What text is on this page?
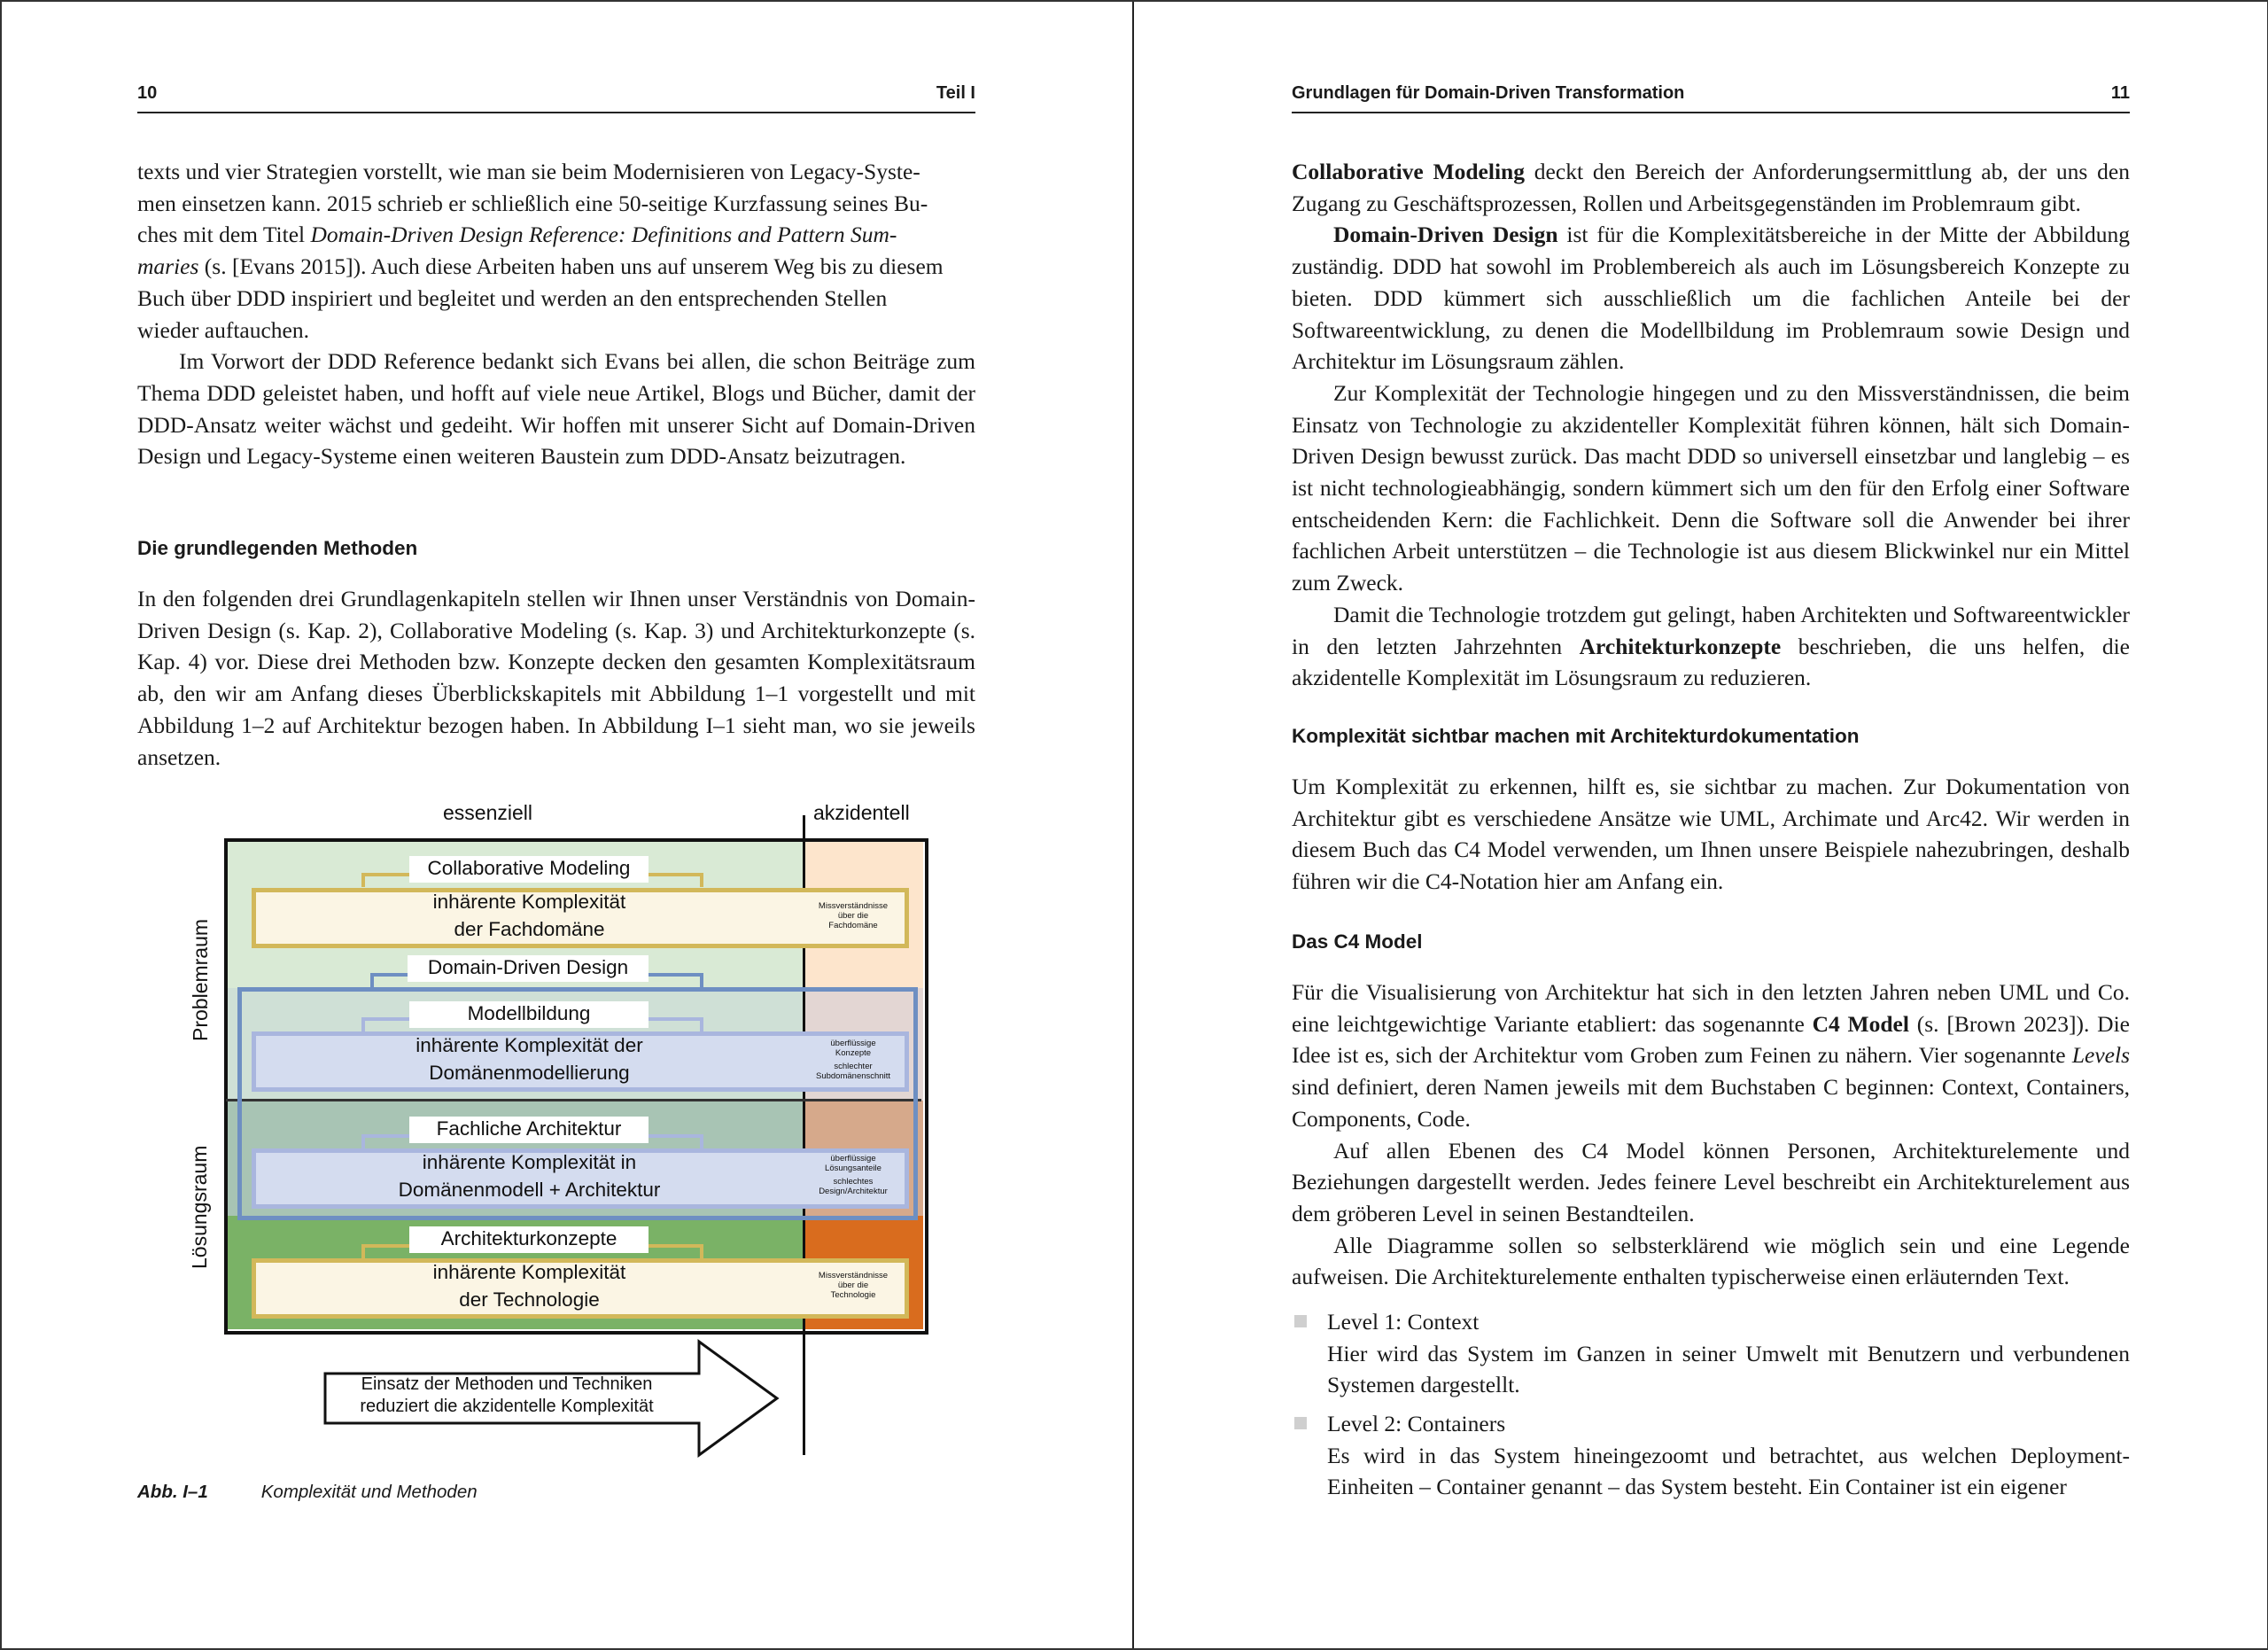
10	Teil I
texts und vier Strategien vorstellt, wie man sie beim Modernisieren von Legacy-Syste-
men einsetzen kann. 2015 schrieb er schließlich eine 50-seitige Kurzfassung seines Bu-
ches mit dem Titel Domain-Driven Design Reference: Definitions and Pattern Sum-
maries (s. [Evans 2015]). Auch diese Arbeiten haben uns auf unserem Weg bis zu diesem
Buch über DDD inspiriert und begleitet und werden an den entsprechenden Stellen
wieder auftauchen.

Im Vorwort der DDD Reference bedankt sich Evans bei allen, die schon Beiträge zum Thema DDD geleistet haben, und hofft auf viele neue Artikel, Blogs und Bücher, damit der DDD-Ansatz weiter wächst und gedeiht. Wir hoffen mit unserer Sicht auf Domain-Driven Design und Legacy-Systeme einen weiteren Baustein zum DDD-Ansatz beizutragen.

Die grundlegenden Methoden

In den folgenden drei Grundlagenkapiteln stellen wir Ihnen unser Verständnis von Domain-Driven Design (s. Kap. 2), Collaborative Modeling (s. Kap. 3) und Architekturkonzepte (s. Kap. 4) vor. Diese drei Methoden bzw. Konzepte decken den gesamten Komplexitätsraum ab, den wir am Anfang dieses Überblickskapitels mit Abbildung 1–1 vorgestellt und mit Abbildung 1–2 auf Architektur bezogen haben. In Abbildung I–1 sieht man, wo sie jeweils ansetzen.

essenziell	akzidentell
Problemraum
Lösungsraum
Collaborative Modeling
inhärente Komplexität
der Fachdomäne
Missverständnisse
über die
Fachdomäne
Domain-Driven Design
Modellbildung
inhärente Komplexität der
Domänenmodellierung
überflüssige
Konzepte
schlechter
Subdomänenschnitt
Fachliche Architektur
inhärente Komplexität in
Domänenmodell + Architektur
überflüssige
Lösungsanteile
schlechtes
Design/Architektur
Architekturkonzepte
inhärente Komplexität
der Technologie
Missverständnisse
über die
Technologie
Einsatz der Methoden und Techniken
reduziert die akzidentelle Komplexität
Abb. I–1	Komplexität und Methoden
Grundlagen für Domain-Driven Transformation	11

Collaborative Modeling deckt den Bereich der Anforderungsermittlung ab, der uns den Zugang zu Geschäftsprozessen, Rollen und Arbeitsgegenständen im Problemraum gibt.

Domain-Driven Design ist für die Komplexitätsbereiche in der Mitte der Abbildung zuständig. DDD hat sowohl im Problembereich als auch im Lösungsbereich Konzepte zu bieten. DDD kümmert sich ausschließlich um die fachlichen Anteile bei der Softwareentwicklung, zu denen die Modellbildung im Problemraum sowie Design und Architektur im Lösungsraum zählen.

Zur Komplexität der Technologie hingegen und zu den Missverständnissen, die beim Einsatz von Technologie zu akzidenteller Komplexität führen können, hält sich Domain-Driven Design bewusst zurück. Das macht DDD so universell einsetzbar und langlebig – es ist nicht technologieabhängig, sondern kümmert sich um den für den Erfolg einer Software entscheidenden Kern: die Fachlichkeit. Denn die Software soll die Anwender bei ihrer fachlichen Arbeit unterstützen – die Technologie ist aus diesem Blickwinkel nur ein Mittel zum Zweck.

Damit die Technologie trotzdem gut gelingt, haben Architekten und Softwareentwickler in den letzten Jahrzehnten Architekturkonzepte beschrieben, die uns helfen, die akzidentelle Komplexität im Lösungsraum zu reduzieren.

Komplexität sichtbar machen mit Architekturdokumentation

Um Komplexität zu erkennen, hilft es, sie sichtbar zu machen. Zur Dokumentation von Architektur gibt es verschiedene Ansätze wie UML, Archimate und Arc42. Wir werden in diesem Buch das C4 Model verwenden, um Ihnen unsere Beispiele nahezubringen, deshalb führen wir die C4-Notation hier am Anfang ein.

Das C4 Model

Für die Visualisierung von Architektur hat sich in den letzten Jahren neben UML und Co. eine leichtgewichtige Variante etabliert: das sogenannte C4 Model (s. [Brown 2023]). Die Idee ist es, sich der Architektur vom Groben zum Feinen zu nähern. Vier sogenannte Levels sind definiert, deren Namen jeweils mit dem Buchstaben C beginnen: Context, Containers, Components, Code.

Auf allen Ebenen des C4 Model können Personen, Architekturelemente und Beziehungen dargestellt werden. Jedes feinere Level beschreibt ein Architekturelement aus dem gröberen Level in seinen Bestandteilen.

Alle Diagramme sollen so selbsterklärend wie möglich sein und eine Legende aufweisen. Die Architekturelemente enthalten typischerweise einen erläuternden Text.

Level 1: Context
Hier wird das System im Ganzen in seiner Umwelt mit Benutzern und verbundenen Systemen dargestellt.
Level 2: Containers
Es wird in das System hineingezoomt und betrachtet, aus welchen Deployment-Einheiten – Container genannt – das System besteht. Ein Container ist ein eigener
